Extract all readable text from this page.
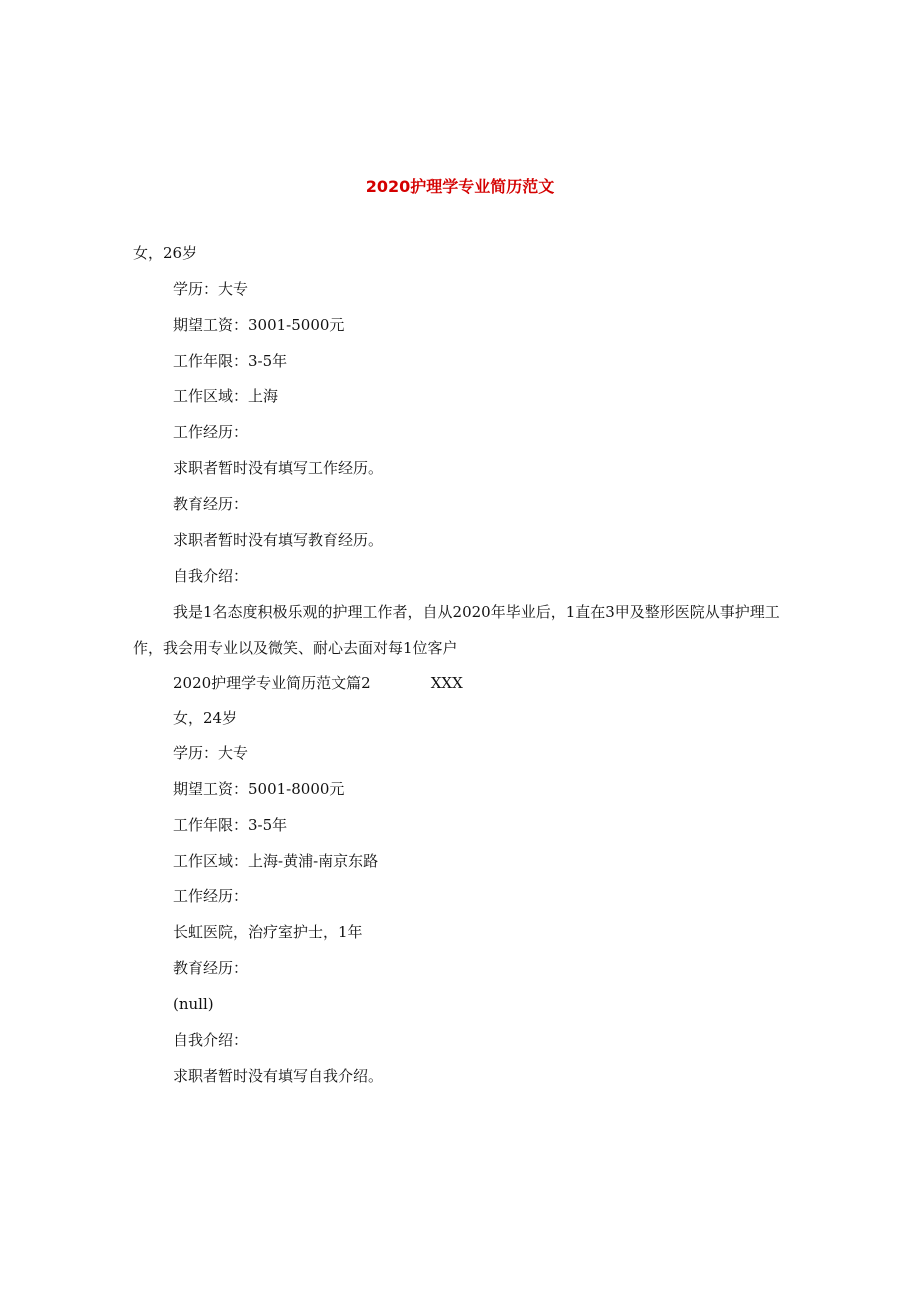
2020护理学专业简历范文
女，26岁
学历：大专
期望工资：3001-5000元
工作年限：3-5年
工作区域：上海
工作经历：
求职者暂时没有填写工作经历。
教育经历：
求职者暂时没有填写教育经历。
自我介绍：
我是1名态度积极乐观的护理工作者，自从2020年毕业后，1直在3甲及整形医院从事护理工作，我会用专业以及微笑、耐心去面对每1位客户
2020护理学专业简历范文篇2	XXX
女，24岁
学历：大专
期望工资：5001-8000元
工作年限：3-5年
工作区域：上海-黄浦-南京东路
工作经历：
长虹医院，治疗室护士，1年
教育经历：
(null)
自我介绍：
求职者暂时没有填写自我介绍。
